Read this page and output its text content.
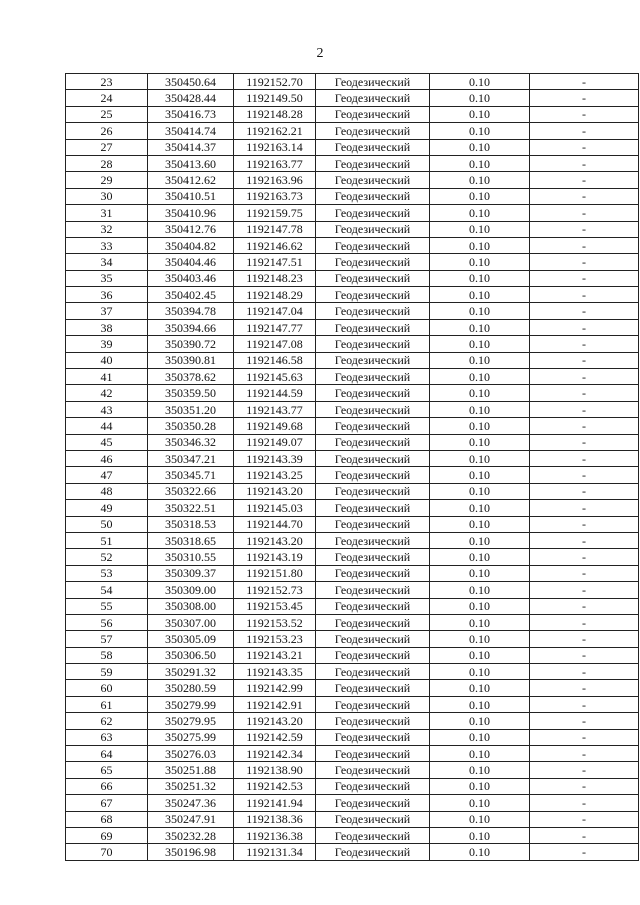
2
23	350450.64	1192152.70	Геодезический	0.10	-
24	350428.44	1192149.50	Геодезический	0.10	-
25	350416.73	1192148.28	Геодезический	0.10	-
26	350414.74	1192162.21	Геодезический	0.10	-
27	350414.37	1192163.14	Геодезический	0.10	-
28	350413.60	1192163.77	Геодезический	0.10	-
29	350412.62	1192163.96	Геодезический	0.10	-
30	350410.51	1192163.73	Геодезический	0.10	-
31	350410.96	1192159.75	Геодезический	0.10	-
32	350412.76	1192147.78	Геодезический	0.10	-
33	350404.82	1192146.62	Геодезический	0.10	-
34	350404.46	1192147.51	Геодезический	0.10	-
35	350403.46	1192148.23	Геодезический	0.10	-
36	350402.45	1192148.29	Геодезический	0.10	-
37	350394.78	1192147.04	Геодезический	0.10	-
38	350394.66	1192147.77	Геодезический	0.10	-
39	350390.72	1192147.08	Геодезический	0.10	-
40	350390.81	1192146.58	Геодезический	0.10	-
41	350378.62	1192145.63	Геодезический	0.10	-
42	350359.50	1192144.59	Геодезический	0.10	-
43	350351.20	1192143.77	Геодезический	0.10	-
44	350350.28	1192149.68	Геодезический	0.10	-
45	350346.32	1192149.07	Геодезический	0.10	-
46	350347.21	1192143.39	Геодезический	0.10	-
47	350345.71	1192143.25	Геодезический	0.10	-
48	350322.66	1192143.20	Геодезический	0.10	-
49	350322.51	1192145.03	Геодезический	0.10	-
50	350318.53	1192144.70	Геодезический	0.10	-
51	350318.65	1192143.20	Геодезический	0.10	-
52	350310.55	1192143.19	Геодезический	0.10	-
53	350309.37	1192151.80	Геодезический	0.10	-
54	350309.00	1192152.73	Геодезический	0.10	-
55	350308.00	1192153.45	Геодезический	0.10	-
56	350307.00	1192153.52	Геодезический	0.10	-
57	350305.09	1192153.23	Геодезический	0.10	-
58	350306.50	1192143.21	Геодезический	0.10	-
59	350291.32	1192143.35	Геодезический	0.10	-
60	350280.59	1192142.99	Геодезический	0.10	-
61	350279.99	1192142.91	Геодезический	0.10	-
62	350279.95	1192143.20	Геодезический	0.10	-
63	350275.99	1192142.59	Геодезический	0.10	-
64	350276.03	1192142.34	Геодезический	0.10	-
65	350251.88	1192138.90	Геодезический	0.10	-
66	350251.32	1192142.53	Геодезический	0.10	-
67	350247.36	1192141.94	Геодезический	0.10	-
68	350247.91	1192138.36	Геодезический	0.10	-
69	350232.28	1192136.38	Геодезический	0.10	-
70	350196.98	1192131.34	Геодезический	0.10	-
